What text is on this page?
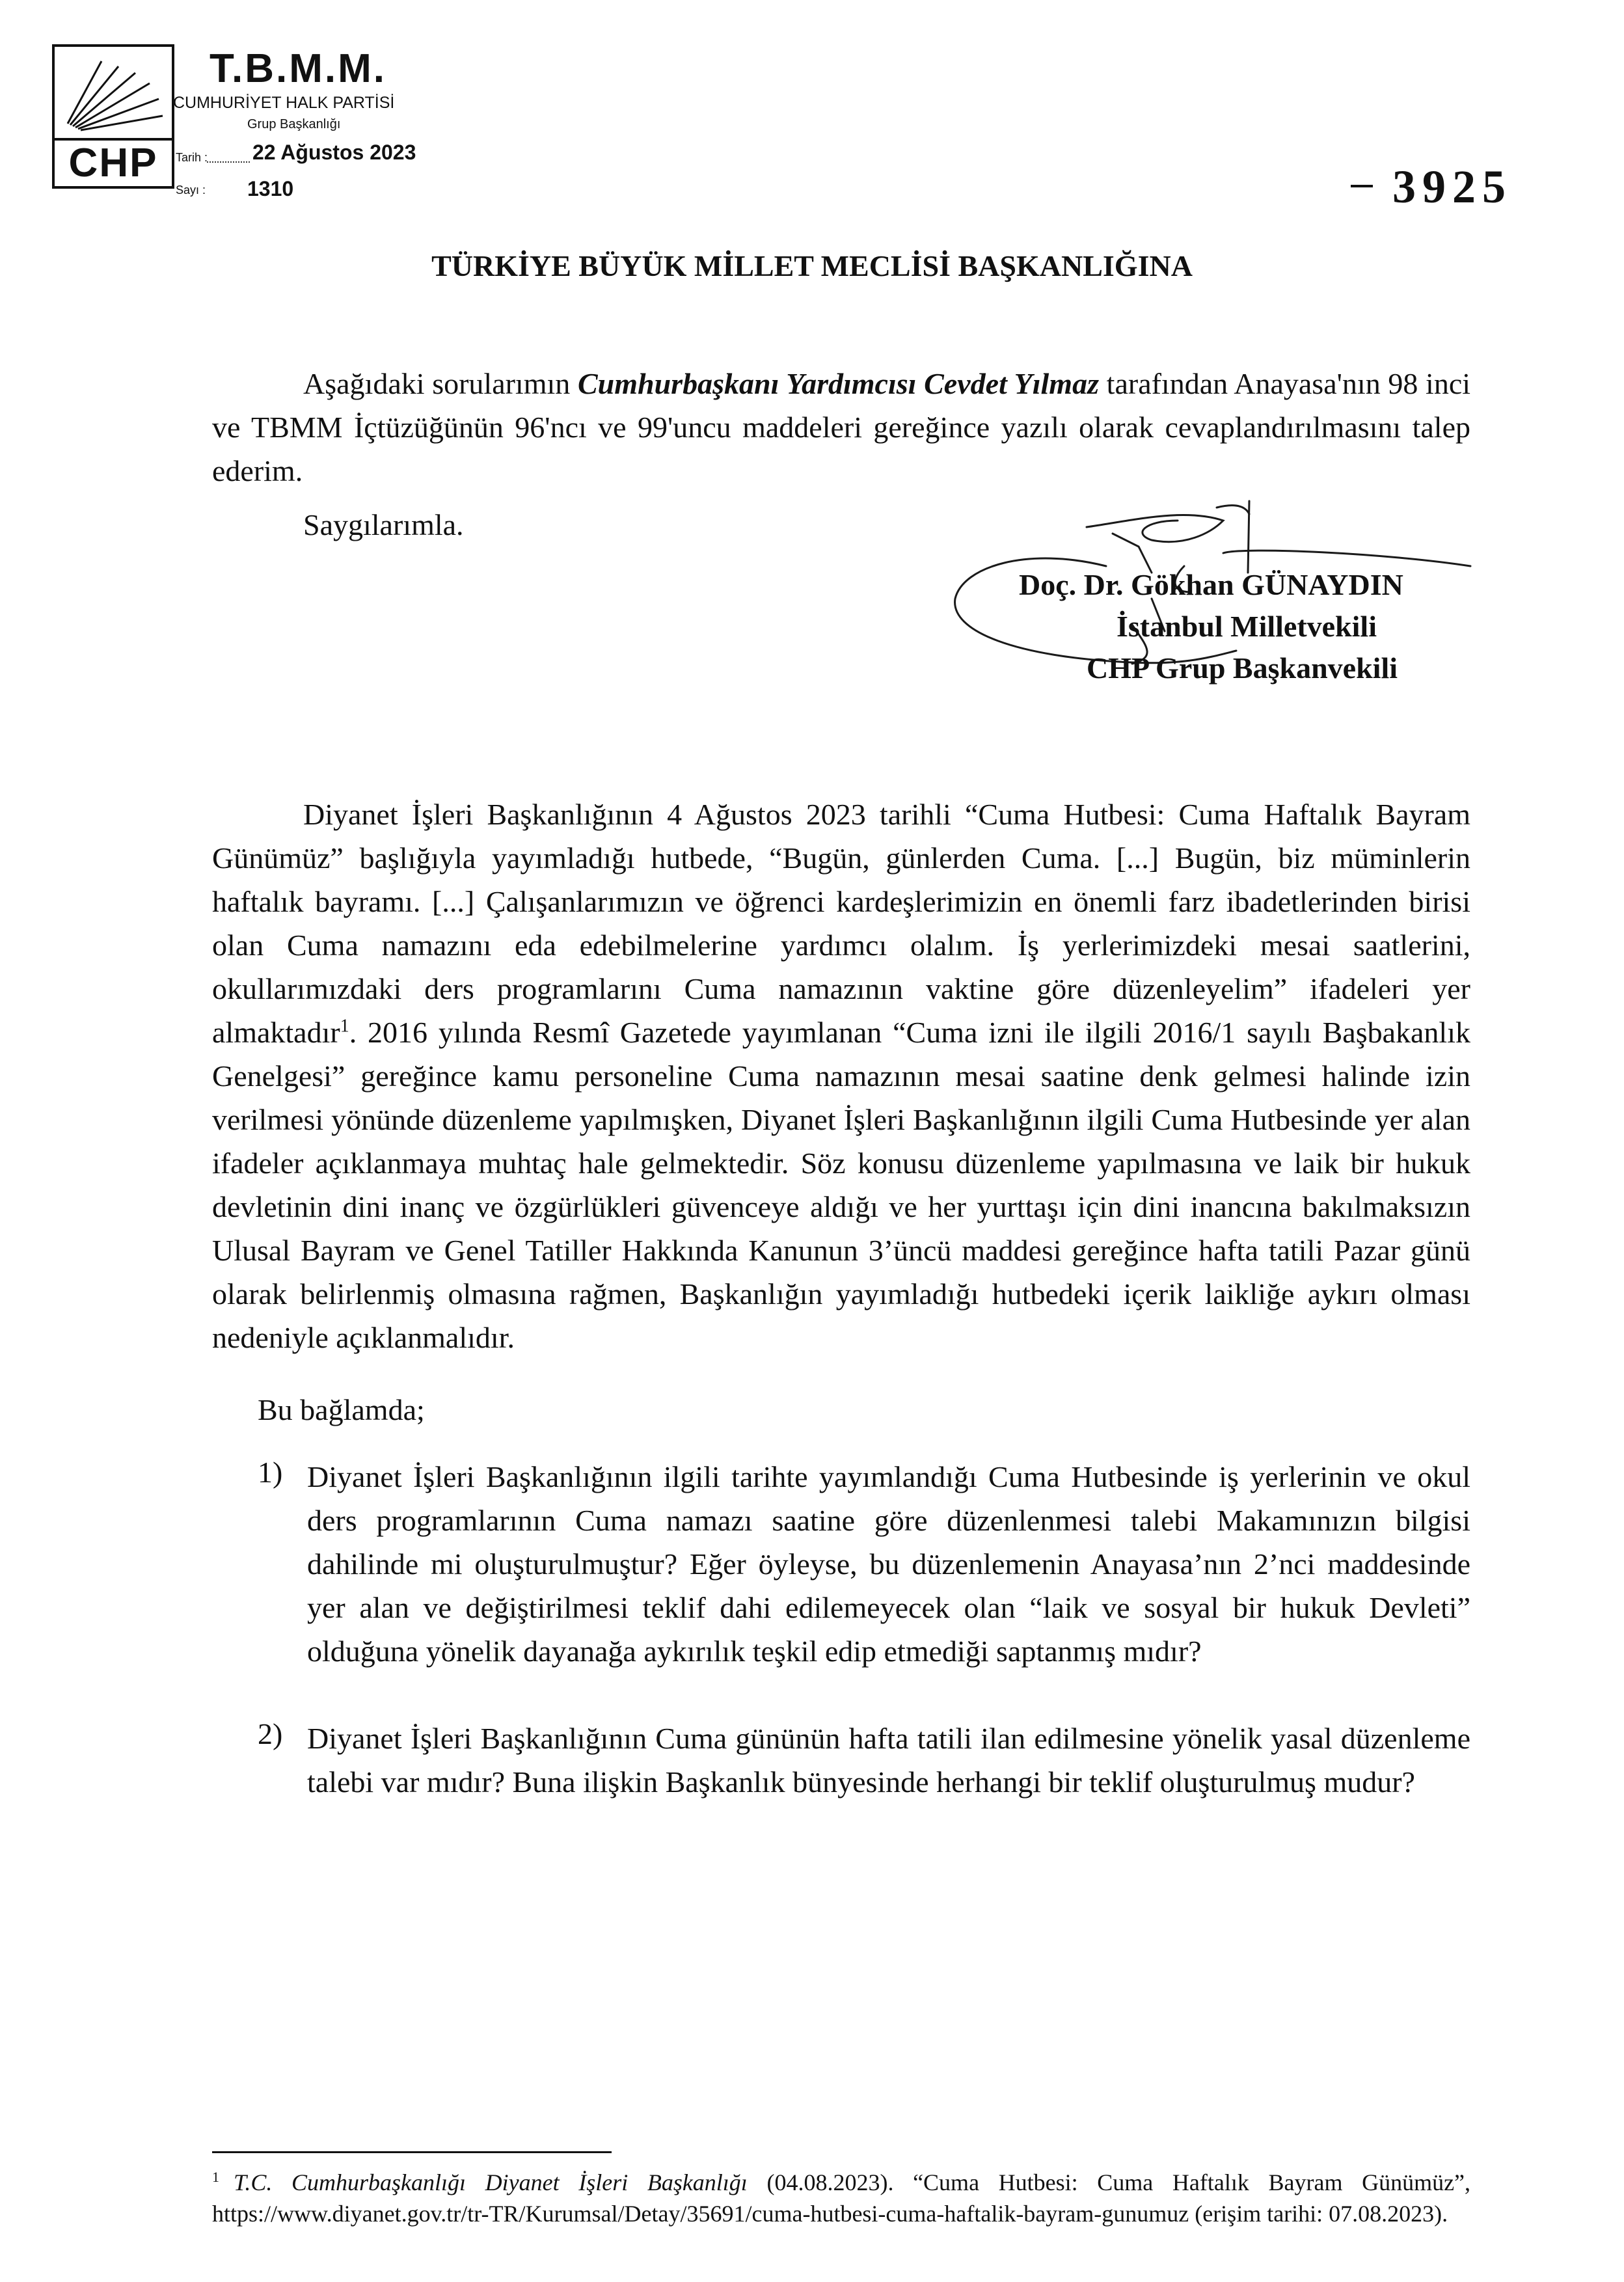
CHP
T.B.M.M.
CUMHURİYET HALK PARTİSİ
Grup Başkanlığı
Tarih : 22 Ağustos 2023
Sayı : 1310	3925
TÜRKİYE BÜYÜK MİLLET MECLİSİ BAŞKANLIĞINA
Aşağıdaki sorularımın Cumhurbaşkanı Yardımcısı Cevdet Yılmaz tarafından Anayasa'nın 98 inci ve TBMM İçtüzüğünün 96'ncı ve 99'uncu maddeleri gereğince yazılı olarak cevaplandırılmasını talep ederim.
Saygılarımla.
Doç. Dr. Gökhan GÜNAYDIN
İstanbul Milletvekili
CHP Grup Başkanvekili
Diyanet İşleri Başkanlığının 4 Ağustos 2023 tarihli “Cuma Hutbesi: Cuma Haftalık Bayram Günümüz” başlığıyla yayımladığı hutbede, “Bugün, günlerden Cuma. [...] Bugün, biz müminlerin haftalık bayramı. [...] Çalışanlarımızın ve öğrenci kardeşlerimizin en önemli farz ibadetlerinden birisi olan Cuma namazını eda edebilmelerine yardımcı olalım. İş yerlerimizdeki mesai saatlerini, okullarımızdaki ders programlarını Cuma namazının vaktine göre düzenleyelim” ifadeleri yer almaktadır$^1$. 2016 yılında Resmî Gazetede yayımlanan “Cuma izni ile ilgili 2016/1 sayılı Başbakanlık Genelgesi” gereğince kamu personeline Cuma namazının mesai saatine denk gelmesi halinde izin verilmesi yönünde düzenleme yapılmışken, Diyanet İşleri Başkanlığının ilgili Cuma Hutbesinde yer alan ifadeler açıklanmaya muhtaç hale gelmektedir. Söz konusu düzenleme yapılmasına ve laik bir hukuk devletinin dini inanç ve özgürlükleri güvenceye aldığı ve her yurttaşı için dini inancına bakılmaksızın Ulusal Bayram ve Genel Tatiller Hakkında Kanunun 3’üncü maddesi gereğince hafta tatili Pazar günü olarak belirlenmiş olmasına rağmen, Başkanlığın yayımladığı hutbedeki içerik laikliğe aykırı olması nedeniyle açıklanmalıdır.
Bu bağlamda;
1) Diyanet İşleri Başkanlığının ilgili tarihte yayımlandığı Cuma Hutbesinde iş yerlerinin ve okul ders programlarının Cuma namazı saatine göre düzenlenmesi talebi Makamınızın bilgisi dahilinde mi oluşturulmuştur? Eğer öyleyse, bu düzenlemenin Anayasa’nın 2’nci maddesinde yer alan ve değiştirilmesi teklif dahi edilemeyecek olan “laik ve sosyal bir hukuk Devleti” olduğuna yönelik dayanağa aykırılık teşkil edip etmediği saptanmış mıdır?
2) Diyanet İşleri Başkanlığının Cuma gününün hafta tatili ilan edilmesine yönelik yasal düzenleme talebi var mıdır? Buna ilişkin Başkanlık bünyesinde herhangi bir teklif oluşturulmuş mudur?
$^1$ T.C. Cumhurbaşkanlığı Diyanet İşleri Başkanlığı (04.08.2023). “Cuma Hutbesi: Cuma Haftalık Bayram Günümüz”, https://www.diyanet.gov.tr/tr-TR/Kurumsal/Detay/35691/cuma-hutbesi-cuma-haftalik-bayram-gunumuz (erişim tarihi: 07.08.2023).
